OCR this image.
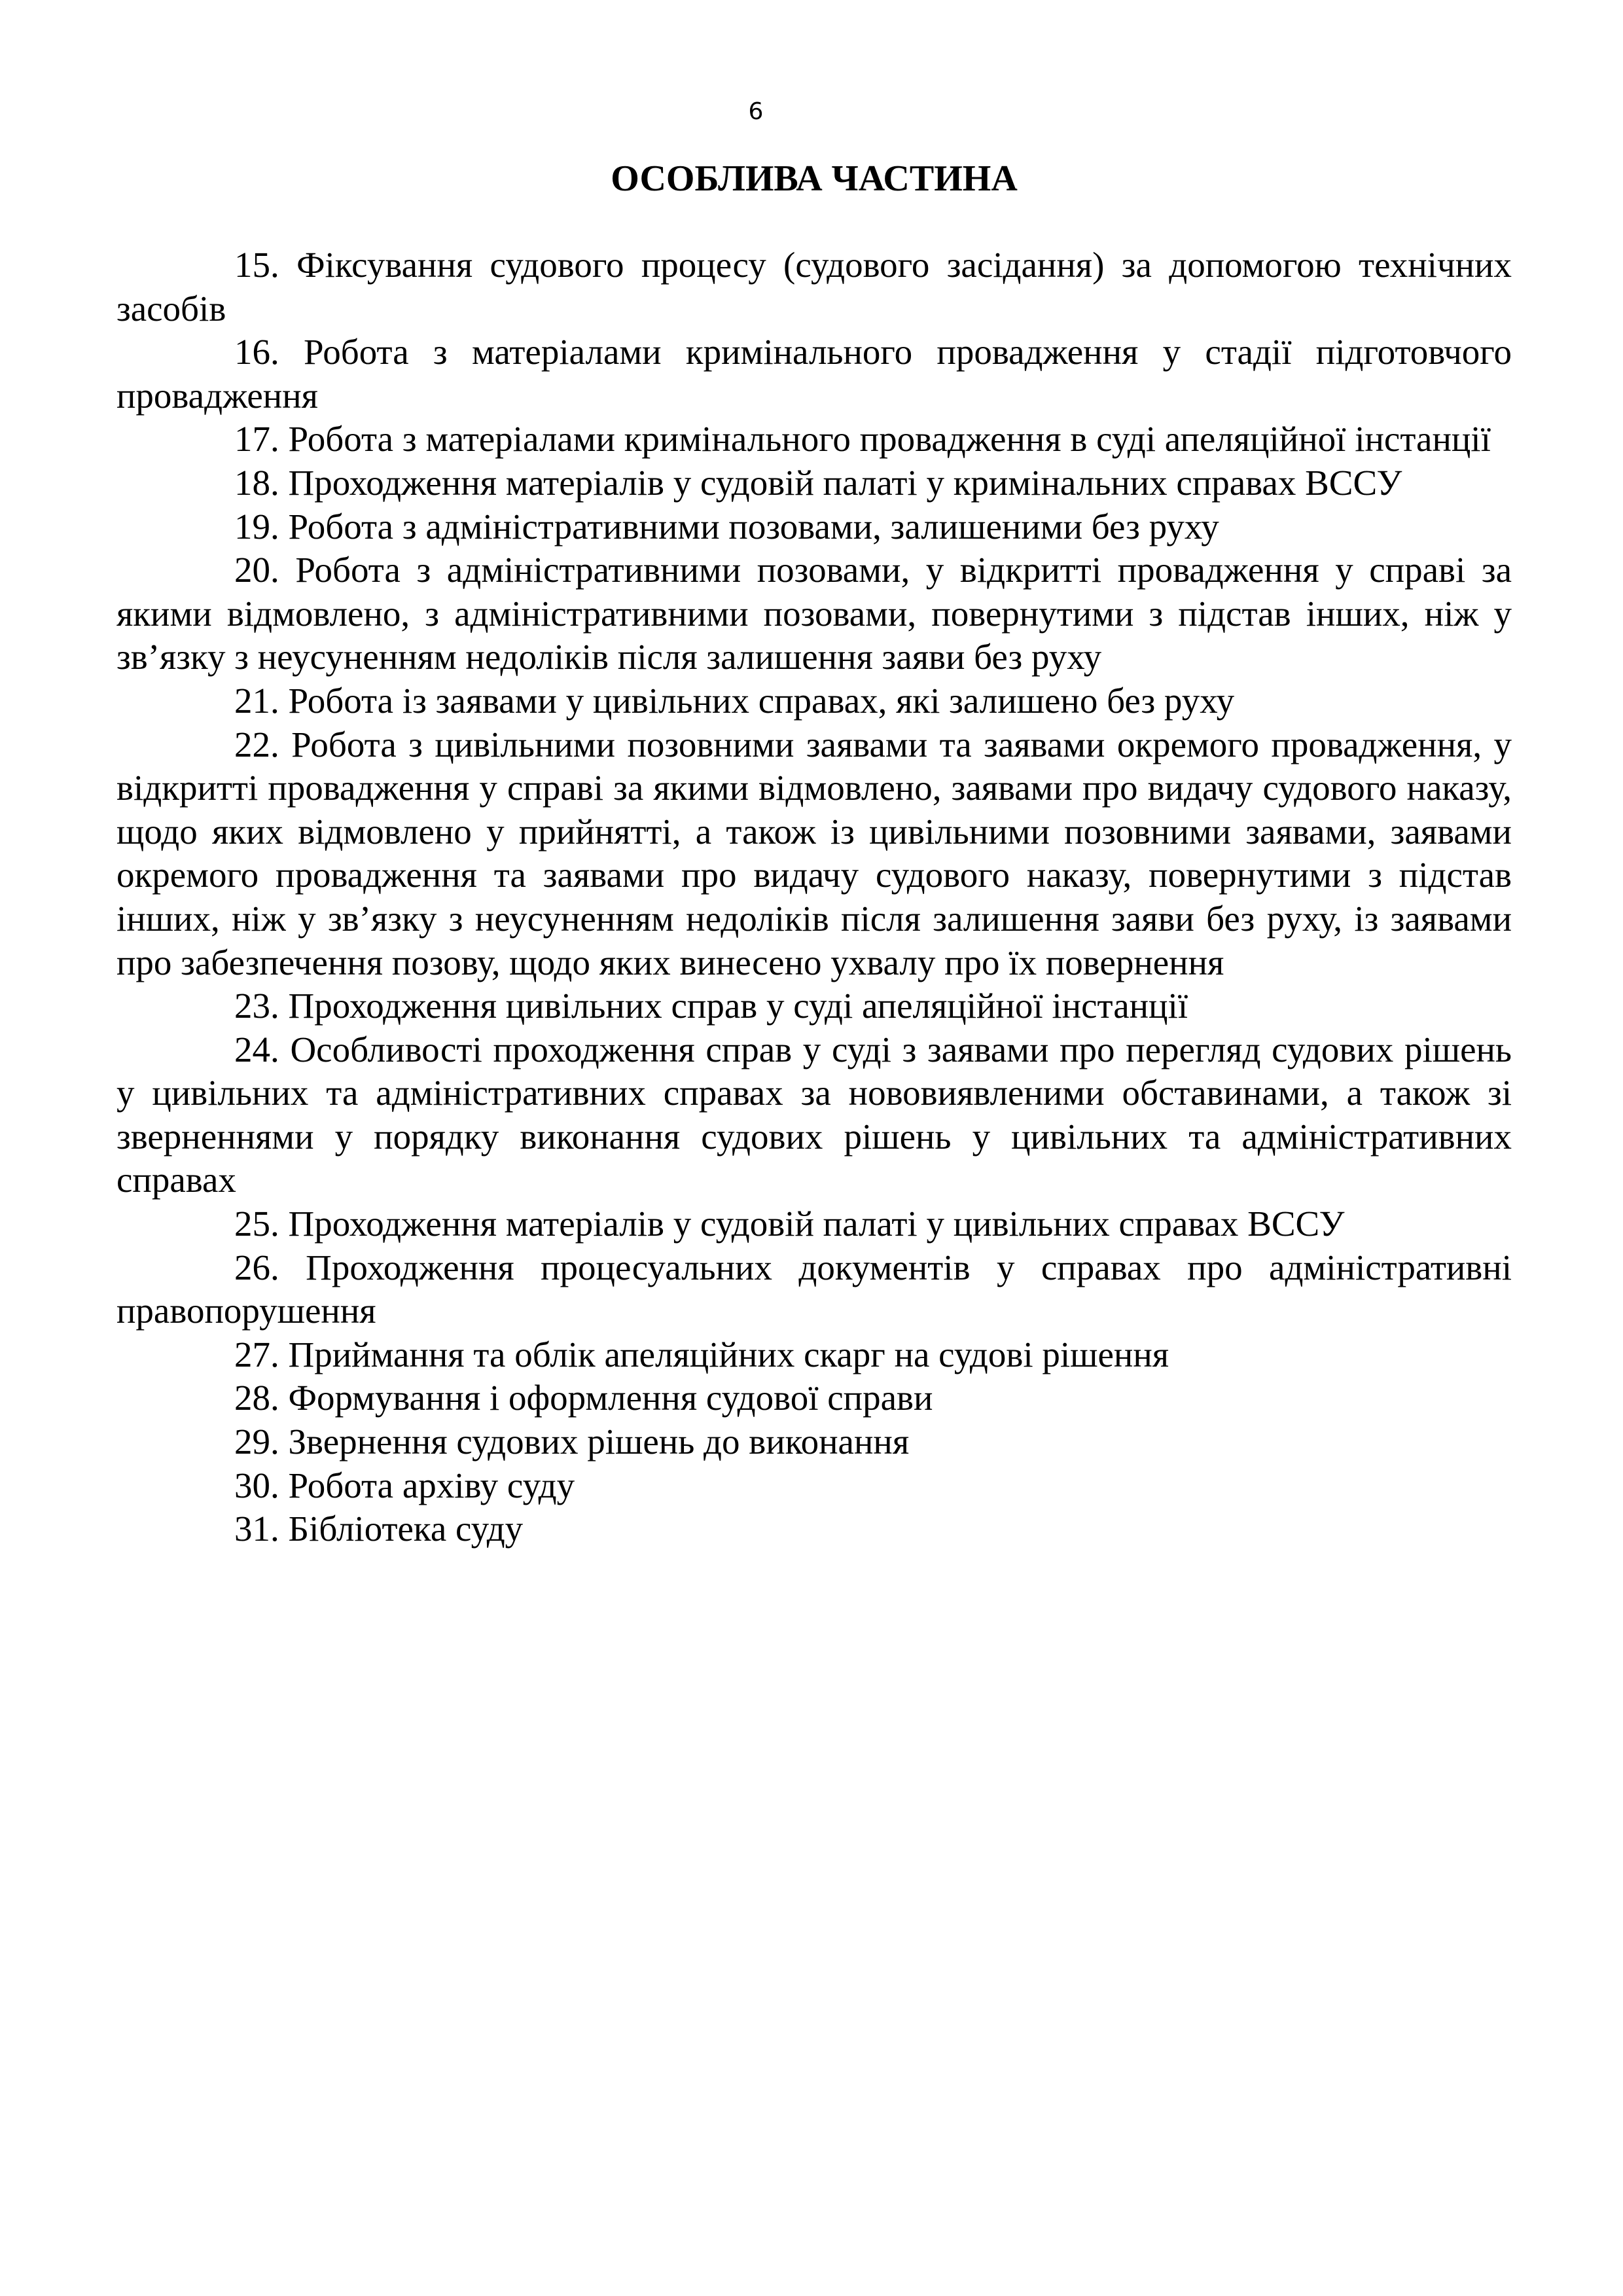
6
ОСОБЛИВА ЧАСТИНА

15. Фіксування судового процесу (судового засідання) за допомогою технічних засобів

16. Робота з матеріалами кримінального провадження у стадії підготовчого провадження

17. Робота з матеріалами кримінального провадження в суді апеляційної інстанції

18. Проходження матеріалів у судовій палаті у кримінальних справах ВССУ

19. Робота з адміністративними позовами, залишеними без руху

20. Робота з адміністративними позовами, у відкритті провадження у справі за якими відмовлено, з адміністративними позовами, повернутими з підстав інших, ніж у зв’язку з неусуненням недоліків після залишення заяви без руху

21. Робота із заявами у цивільних справах, які залишено без руху

22. Робота з цивільними позовними заявами та заявами окремого провадження, у відкритті провадження у справі за якими відмовлено, заявами про видачу судового наказу, щодо яких відмовлено у прийнятті, а також із цивільними позовними заявами, заявами окремого провадження та заявами про видачу судового наказу, повернутими з підстав інших, ніж у зв’язку з неусуненням недоліків після залишення заяви без руху, із заявами про забезпечення позову, щодо яких винесено ухвалу про їх повернення

23. Проходження цивільних справ у суді апеляційної інстанції

24. Особливості проходження справ у суді з заявами про перегляд судових рішень у цивільних та адміністративних справах за нововиявленими обставинами, а також зі зверненнями у порядку виконання судових рішень у цивільних та адміністративних справах

25. Проходження матеріалів у судовій палаті у цивільних справах ВССУ

26. Проходження процесуальних документів у справах про адміністративні правопорушення

27. Приймання та облік апеляційних скарг на судові рішення

28. Формування і оформлення судової справи

29. Звернення судових рішень до виконання

30. Робота архіву суду

31. Бібліотека суду
